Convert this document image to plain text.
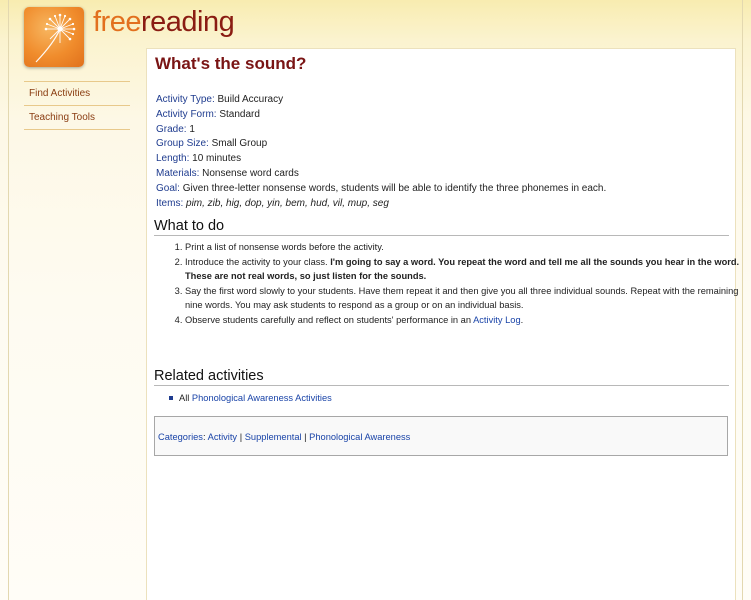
freereading
Find Activities
Teaching Tools
What's the sound?
Activity Type: Build Accuracy
Activity Form: Standard
Grade: 1
Group Size: Small Group
Length: 10 minutes
Materials: Nonsense word cards
Goal: Given three-letter nonsense words, students will be able to identify the three phonemes in each.
Items: pim, zib, hig, dop, yin, bem, hud, vil, mup, seg
What to do
1. Print a list of nonsense words before the activity.
2. Introduce the activity to your class. I'm going to say a word. You repeat the word and tell me all the sounds you hear in the word. These are not real words, so just listen for the sounds.
3. Say the first word slowly to your students. Have them repeat it and then give you all three individual sounds. Repeat with the remaining nine words. You may ask students to respond as a group or on an individual basis.
4. Observe students carefully and reflect on students' performance in an Activity Log.
Related activities
All Phonological Awareness Activities
Categories: Activity | Supplemental | Phonological Awareness
